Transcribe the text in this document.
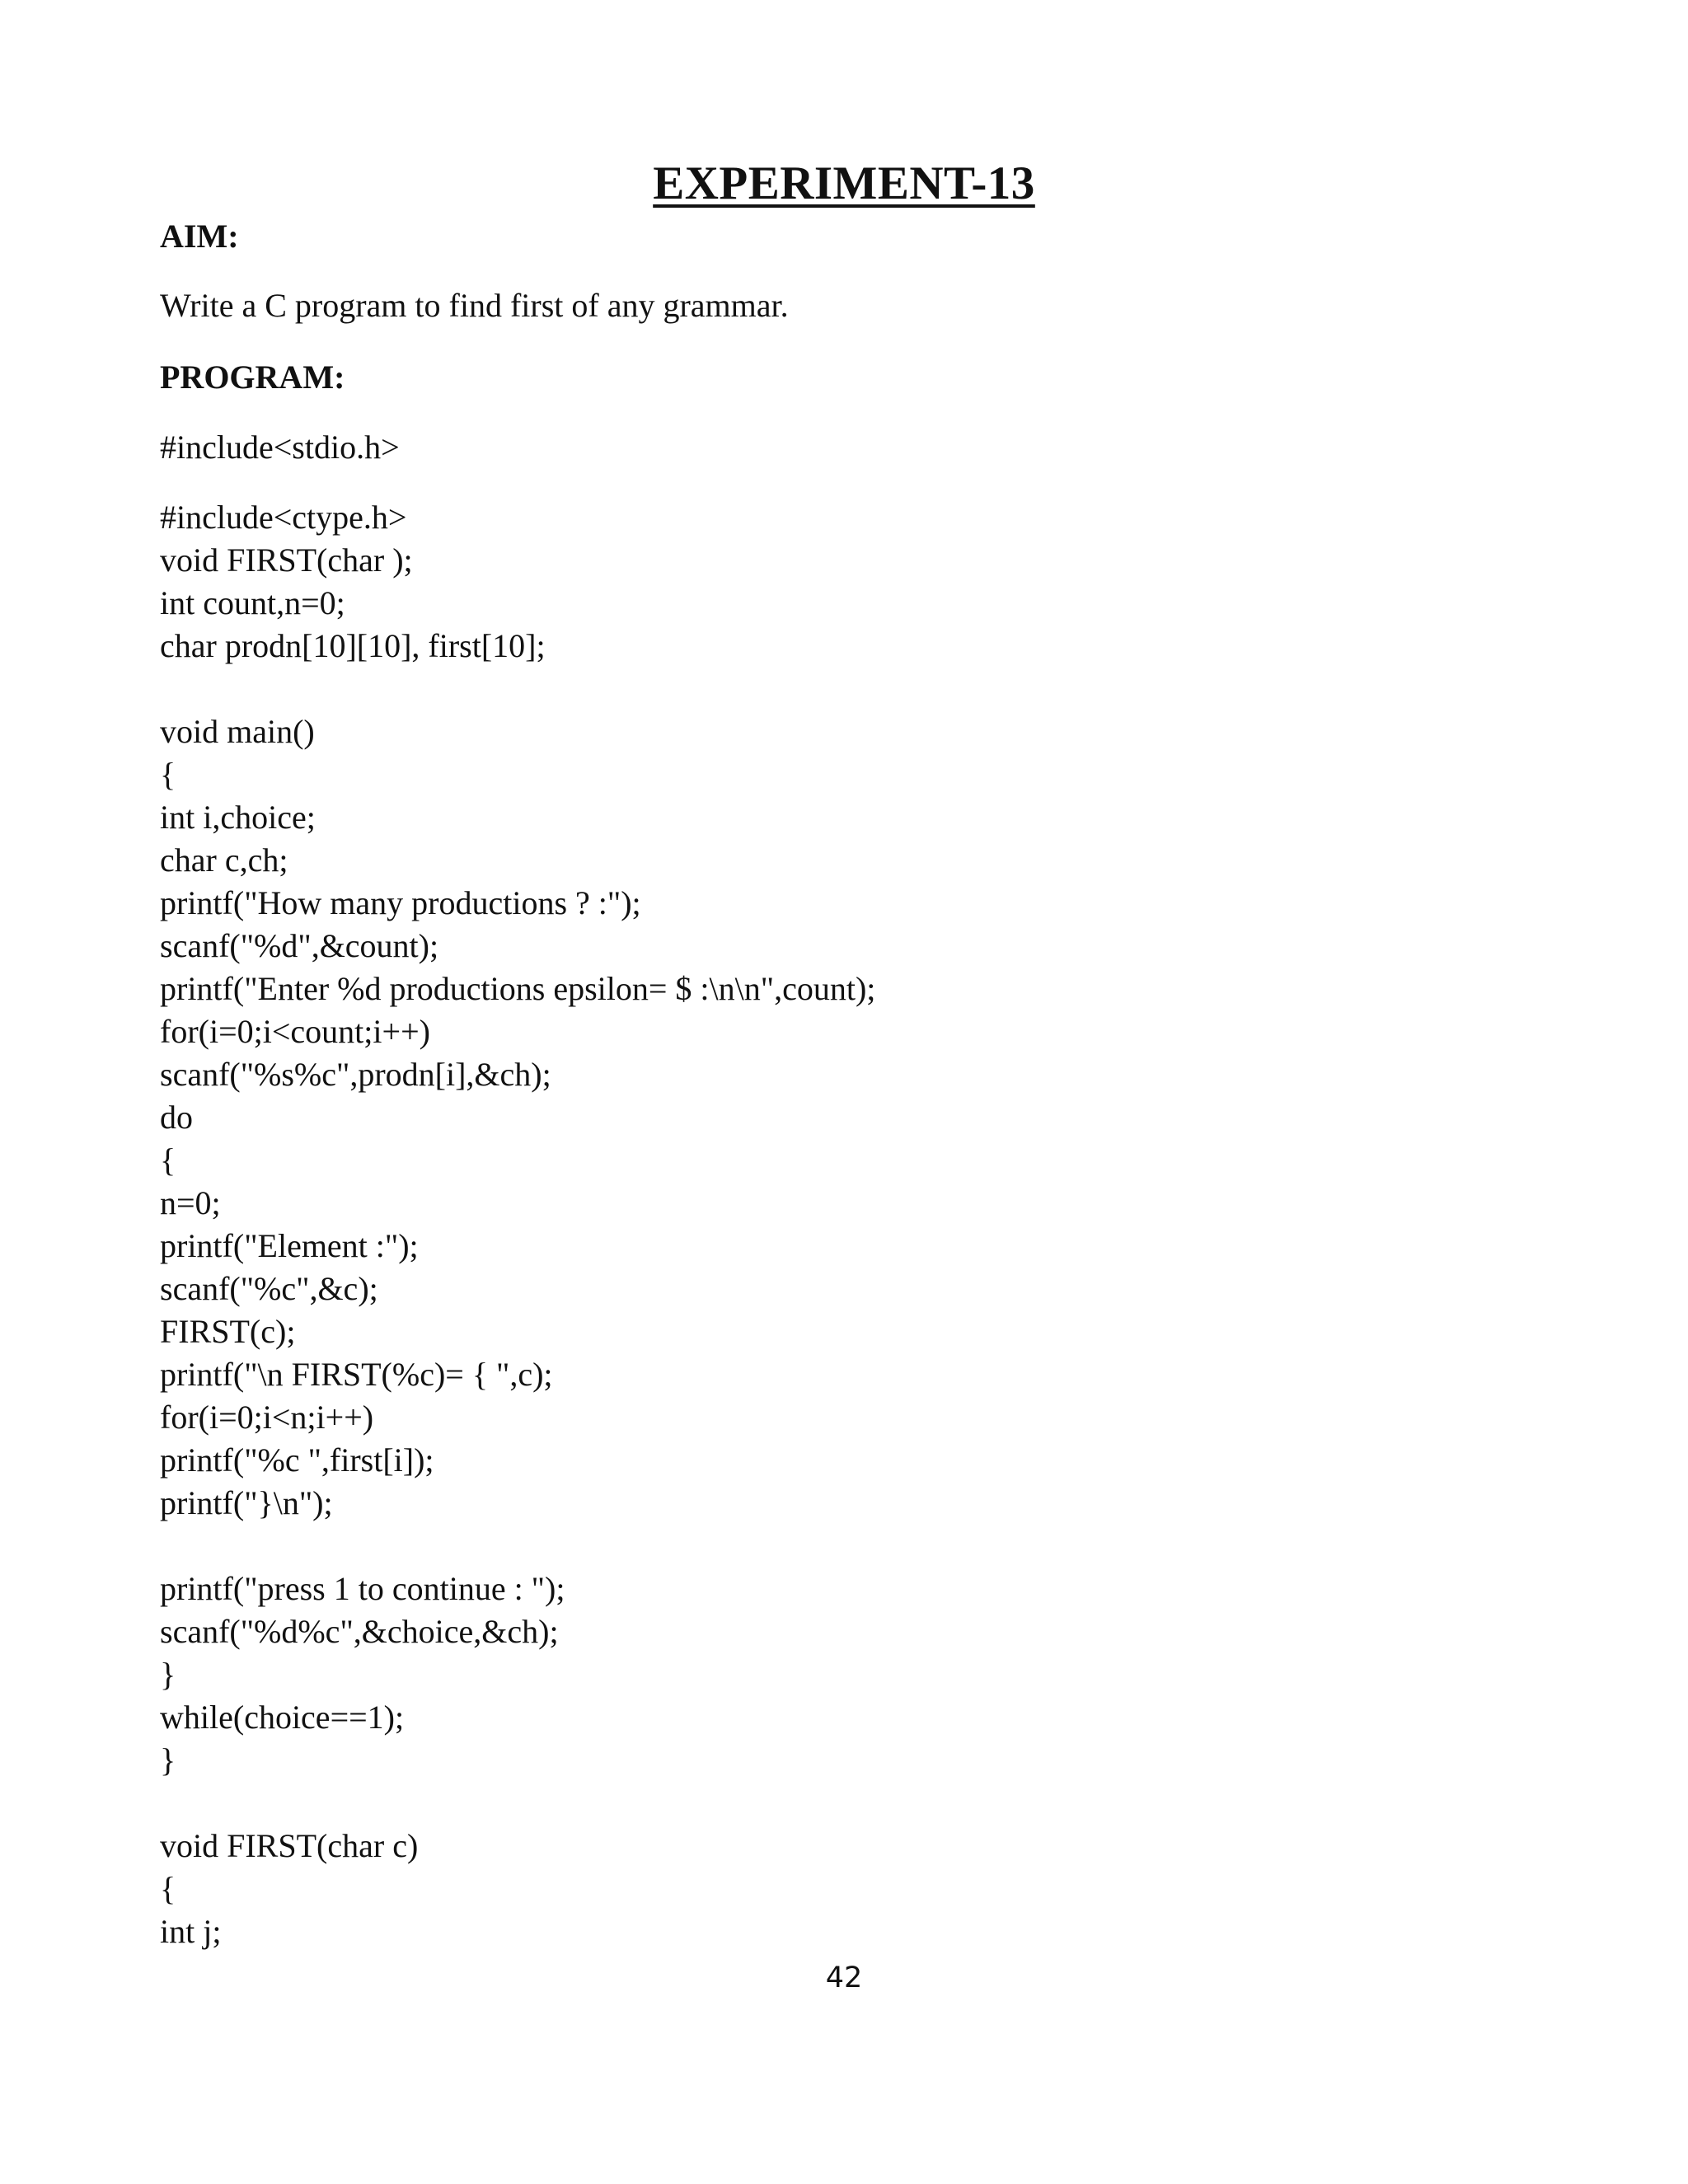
EXPERIMENT-13
AIM:
Write a C program to find first of any grammar.
PROGRAM:
#include<stdio.h>
#include<ctype.h>
void FIRST(char );
int count,n=0;
char prodn[10][10], first[10];
void main()
{
int i,choice;
char c,ch;
printf("How many productions ? :");
scanf("%d",&count);
printf("Enter %d productions epsilon= $ :\n\n",count);
for(i=0;i<count;i++)
scanf("%s%c",prodn[i],&ch);
do
{
n=0;
printf("Element :");
scanf("%c",&c);
FIRST(c);
printf("\n FIRST(%c)= { ",c);
for(i=0;i<n;i++)
printf("%c ",first[i]);
printf("}\n");
printf("press 1 to continue : ");
scanf("%d%c",&choice,&ch);
}
while(choice==1);
}
void FIRST(char c)
{
int j;
42
